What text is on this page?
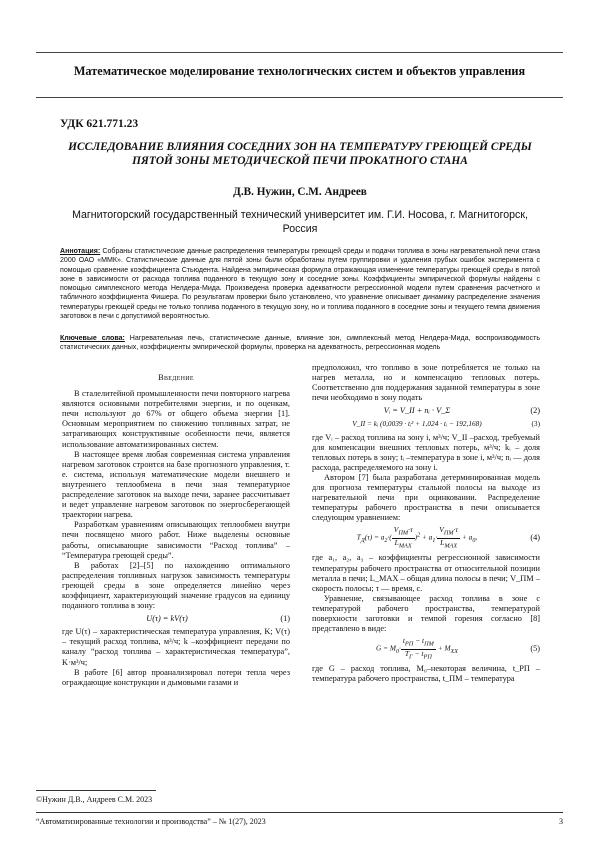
Математическое моделирование технологических систем и объектов управления
УДК 621.771.23
ИССЛЕДОВАНИЕ ВЛИЯНИЯ СОСЕДНИХ ЗОН НА ТЕМПЕРАТУРУ ГРЕЮЩЕЙ СРЕДЫ ПЯТОЙ ЗОНЫ МЕТОДИЧЕСКОЙ ПЕЧИ ПРОКАТНОГО СТАНА
Д.В. Нужин, С.М. Андреев
Магнитогорский государственный технический университет им. Г.И. Носова, г. Магнитогорск, Россия
Аннотация: Собраны статистические данные распределения температуры греющей среды и подачи топлива в зоны нагревательной печи стана 2000 ОАО «ММК». Статистические данные для пятой зоны были обработаны путем группировки и удаления грубых ошибок эксперимента с помощью сравнение коэффициента Стьюдента. Найдена эмпирическая формула отражающая изменение температуры греющей среды в пятой зоне в зависимости от расхода топлива поданного в текущую зону и соседние зоны. Коэффициенты эмпирической формулы найдены с помощью симплексного метода Нелдера-Мида. Произведена проверка адекватности регрессионной модели путем сравнения расчетного и табличного коэффициента Фишера. По результатам проверки было установлено, что уравнение описывает динамику распределение значения температуры греющей среды не только топлива поданного в текущую зону, но и топлива поданного в соседние зоны и текущего темпа движения заготовок в печи с допустимой вероятностью.
Ключевые слова: Нагревательная печь, статистические данные, влияние зон, симплексный метод Нелдера-Мида, воспроизводимость статистических данных, коэффициенты эмпирической формулы, проверка на адекватность, регрессионная модель
Введение

В сталелитейной промышленности печи повторного нагрева являются основными потребителями энергии, и по оценкам, печи используют до 67% от общего объема энергии [1]. Основным мероприятием по снижению топливных затрат, не затрагивающих конструктивные особенности печи, является использование автоматизированных систем.

В настоящее время любая современная система управления нагревом заготовок строится на базе прогнозного управления, т. е. система, используя математические модели внешнего и внутреннего теплообмена в печи зная температурное распределение заготовок на выходе печи, заранее рассчитывает и ведет управление нагревом заготовок по энергосберегающей траектории нагрева.

Разработкам уравнениям описывающих теплообмен внутри печи посвящено много работ. Ниже выделены основные работы, описывающие зависимости “Расход топлива” – “Температура греющей среды”.

В работах [2]–[5] по нахождению оптимального распределения топливных нагрузок зависимость температуры греющей среды в зоне определяется линейно через коэффициент, характеризующий значение градусов на единицу поданного топлива в зону:

U(τ) = kV(τ)	(1)

где U(τ) – характеристическая температура управления, K; V(τ) – текущий расход топлива, м³/ч; k –коэффициент передачи по каналу “расход топлива – характеристическая температура”, K·м³/ч;

В работе [6] автор проанализировал потери тепла через ограждающие конструкции и дымовыми газами и

предположил, что топливо в зоне потребляется не только на нагрев металла, но и компенсацию тепловых потерь. Соответственно для поддержания заданной температуры в зоне печи необходимо в зону подать

Vᵢ = V_II + nᵢ · V_Σ	(2)
V_II = kᵢ (0,0039 · tᵢ² + 1,024 · tᵢ − 192,168)	(3)

где Vᵢ – расход топлива на зону i, м³/ч; V_II –расход, требуемый для компенсации внешних тепловых потерь, м³/ч; kᵢ – доля тепловых потерь в зону; tᵢ –температура в зоне i, м³/ч; nᵢ — доля расхода, распределяемого на зону i.

Автором [7] была разработана детерминированная модель для прогноза температуры стальной полосы на выходе из нагревательной печи при оцинковании. Распределение температуры рабочего пространства в печи описывается следующим уравнением:

TД(τ) = a2·(
VПМ·τ
LMAX
)2 + a1·
VПМ·τ
LMAX
+ a0,	(4)

где a₁, a₂, a₃ – коэффициенты регрессионной зависимости температуры рабочего пространства от относительной позиции металла в печи; L_MAX – общая длина полосы в печи; V_ПМ – скорость полосы; τ — время, с.

Уравнение, связывающее расход топлива в зоне с температурой рабочего пространства, температурой поверхности заготовки и темпой горения согласно [8] представлено в виде:

G = M0·
tРП − tПМ
TГ − tРП
+ MХХ	(5)

где G – расход топлива, M₀–некоторая величина, t_РП –температура рабочего пространства, t_ПМ – температура

©Нужин Д.В., Андреев С.М. 2023
“Автоматизированные технологии и производства” – № 1(27), 2023	3
